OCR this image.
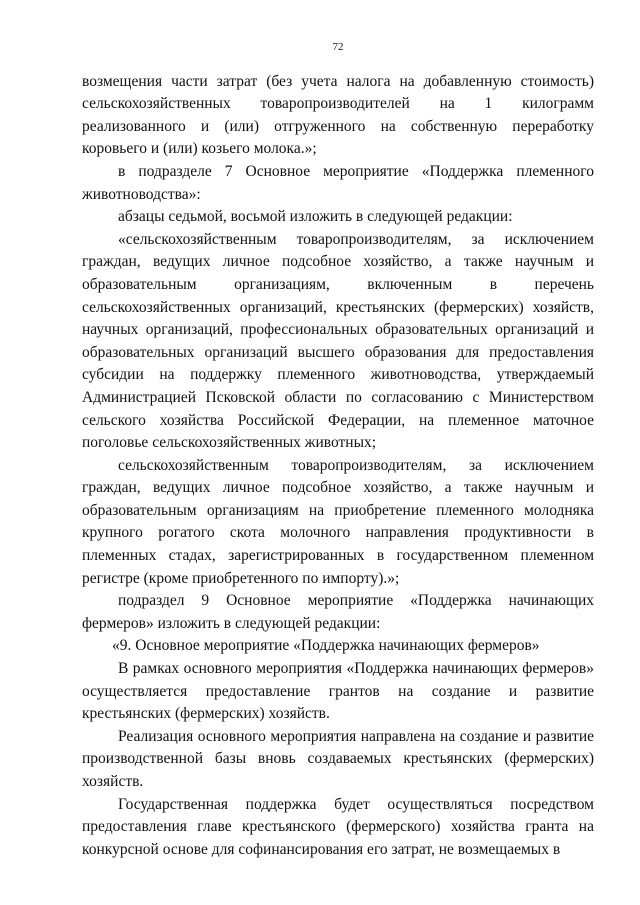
72

возмещения части затрат (без учета налога на добавленную стоимость) сельскохозяйственных товаропроизводителей на 1 килограмм реализованного и (или) отгруженного на собственную переработку коровьего и (или) козьего молока.»;

в подразделе 7 Основное мероприятие «Поддержка племенного животноводства»:

абзацы седьмой, восьмой изложить в следующей редакции:

«сельскохозяйственным товаропроизводителям, за исключением граждан, ведущих личное подсобное хозяйство, а также научным и образовательным организациям, включенным в перечень сельскохозяйственных организаций, крестьянских (фермерских) хозяйств, научных организаций, профессиональных образовательных организаций и образовательных организаций высшего образования для предоставления субсидии на поддержку племенного животноводства, утверждаемый Администрацией Псковской области по согласованию с Министерством сельского хозяйства Российской Федерации, на племенное маточное поголовье сельскохозяйственных животных;

сельскохозяйственным товаропроизводителям, за исключением граждан, ведущих личное подсобное хозяйство, а также научным и образовательным организациям на приобретение племенного молодняка крупного рогатого скота молочного направления продуктивности в племенных стадах, зарегистрированных в государственном племенном регистре (кроме приобретенного по импорту).»;

подраздел 9 Основное мероприятие «Поддержка начинающих фермеров» изложить в следующей редакции:

«9. Основное мероприятие «Поддержка начинающих фермеров»

В рамках основного мероприятия «Поддержка начинающих фермеров» осуществляется предоставление грантов на создание и развитие крестьянских (фермерских) хозяйств.

Реализация основного мероприятия направлена на создание и развитие производственной базы вновь создаваемых крестьянских (фермерских) хозяйств.

Государственная поддержка будет осуществляться посредством предоставления главе крестьянского (фермерского) хозяйства гранта на конкурсной основе для софинансирования его затрат, не возмещаемых в
